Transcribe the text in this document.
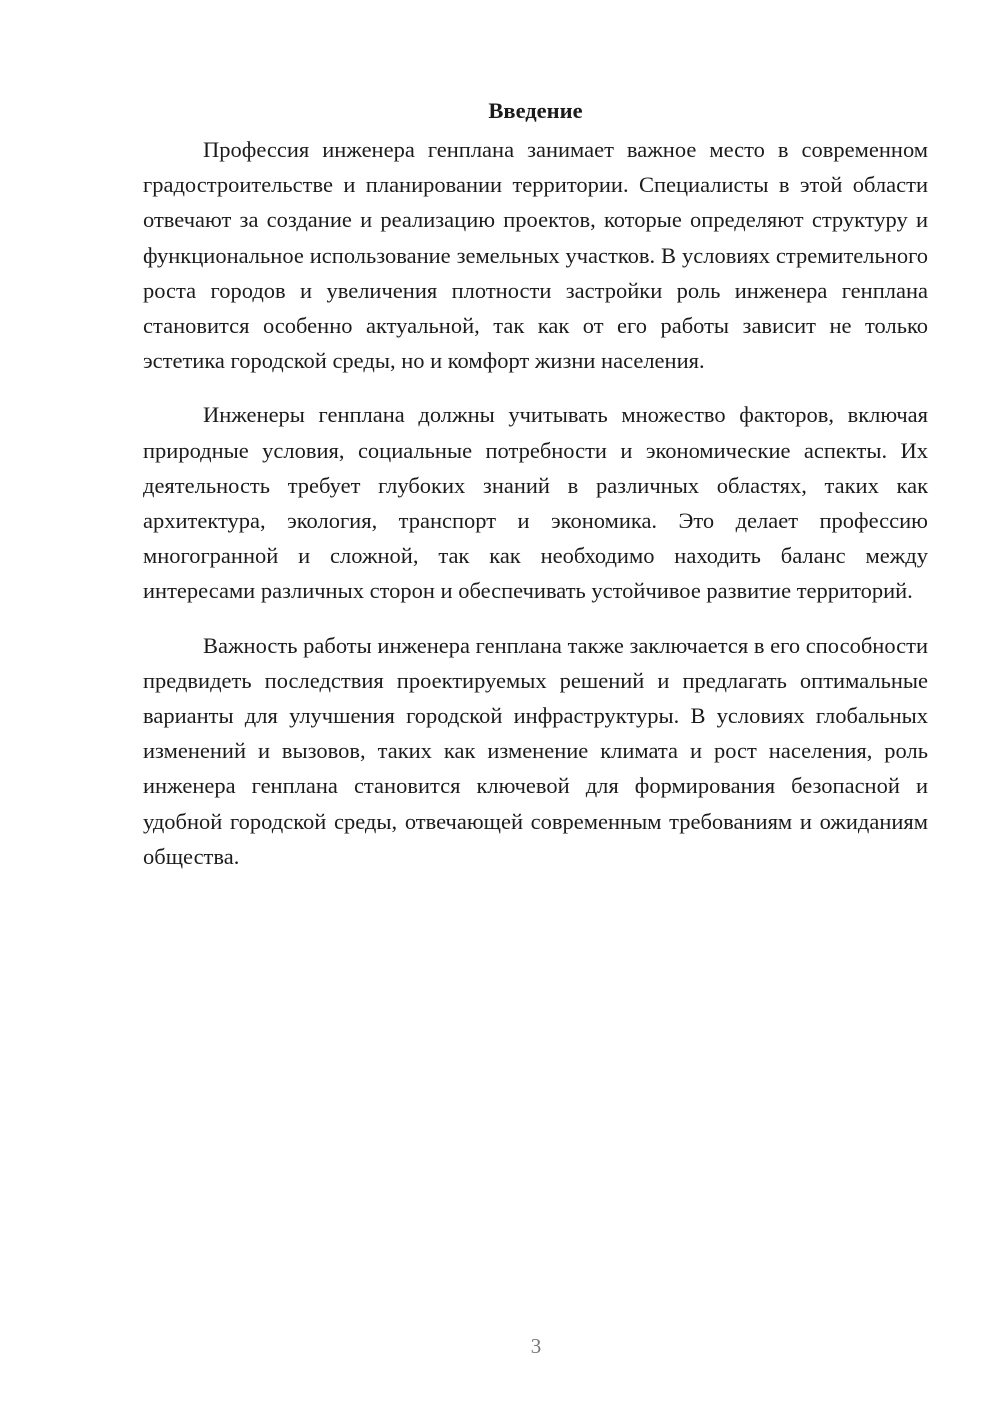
Введение

Профессия инженера генплана занимает важное место в современном градостроительстве и планировании территории. Специалисты в этой области отвечают за создание и реализацию проектов, которые определяют структуру и функциональное использование земельных участков. В условиях стремительного роста городов и увеличения плотности застройки роль инженера генплана становится особенно актуальной, так как от его работы зависит не только эстетика городской среды, но и комфорт жизни населения.

Инженеры генплана должны учитывать множество факторов, включая природные условия, социальные потребности и экономические аспекты. Их деятельность требует глубоких знаний в различных областях, таких как архитектура, экология, транспорт и экономика. Это делает профессию многогранной и сложной, так как необходимо находить баланс между интересами различных сторон и обеспечивать устойчивое развитие территорий.

Важность работы инженера генплана также заключается в его способности предвидеть последствия проектируемых решений и предлагать оптимальные варианты для улучшения городской инфраструктуры. В условиях глобальных изменений и вызовов, таких как изменение климата и рост населения, роль инженера генплана становится ключевой для формирования безопасной и удобной городской среды, отвечающей современным требованиям и ожиданиям общества.

3
